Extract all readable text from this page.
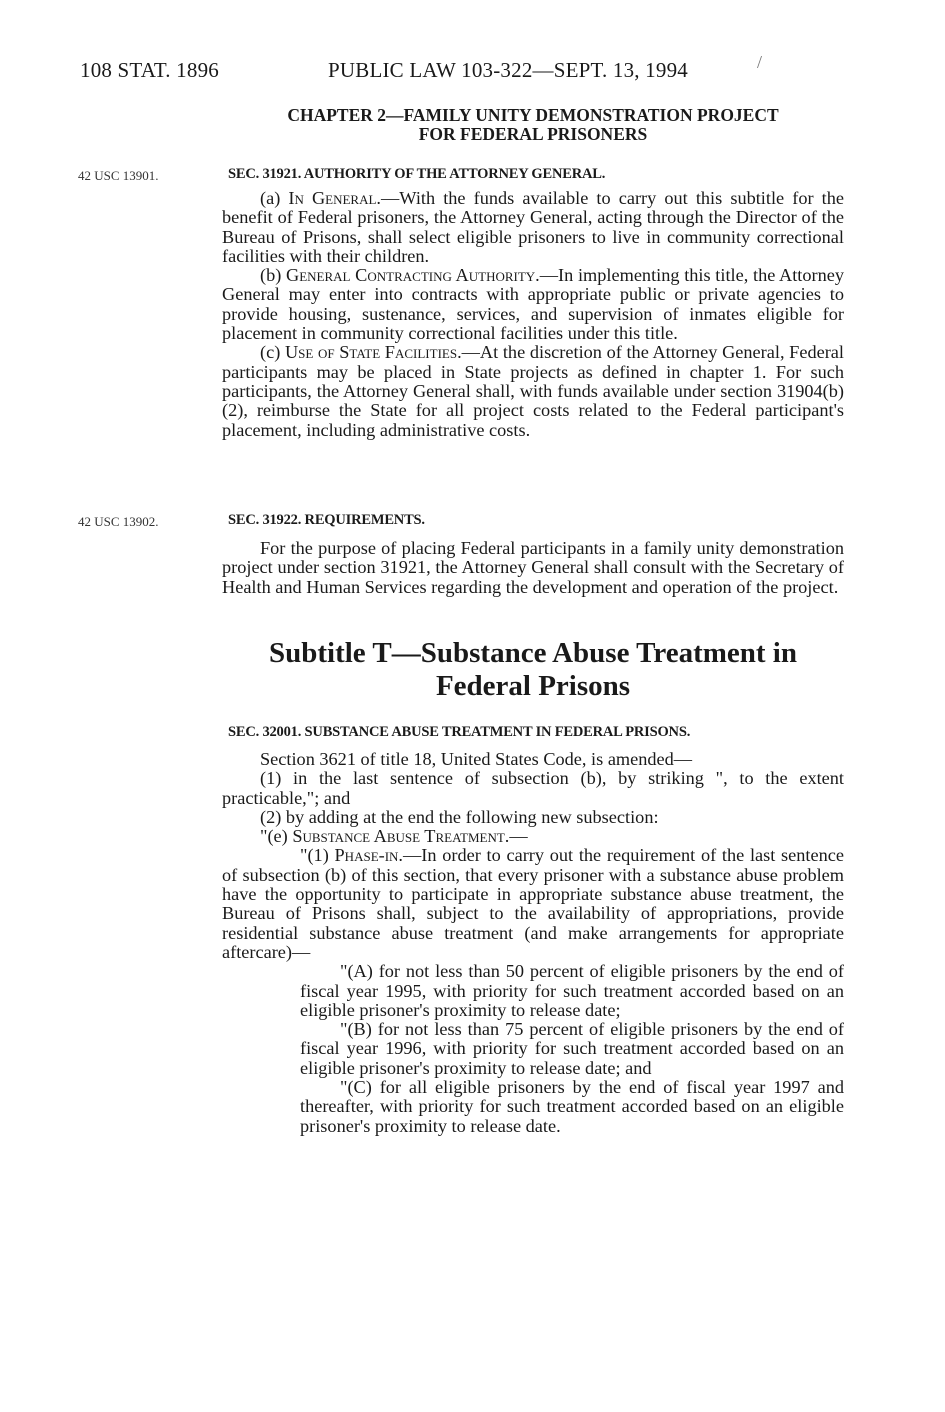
108 STAT. 1896	PUBLIC LAW 103-322—SEPT. 13, 1994	/
CHAPTER 2—FAMILY UNITY DEMONSTRATION PROJECT
FOR FEDERAL PRISONERS
42 USC 13901.	SEC. 31921. AUTHORITY OF THE ATTORNEY GENERAL.

(a) In General.—With the funds available to carry out this subtitle for the benefit of Federal prisoners, the Attorney General, acting through the Director of the Bureau of Prisons, shall select eligible prisoners to live in community correctional facilities with their children.

(b) General Contracting Authority.—In implementing this title, the Attorney General may enter into contracts with appropriate public or private agencies to provide housing, sustenance, services, and supervision of inmates eligible for placement in community correctional facilities under this title.

(c) Use of State Facilities.—At the discretion of the Attorney General, Federal participants may be placed in State projects as defined in chapter 1. For such participants, the Attorney General shall, with funds available under section 31904(b)(2), reimburse the State for all project costs related to the Federal participant's placement, including administrative costs.

42 USC 13902.	SEC. 31922. REQUIREMENTS.

For the purpose of placing Federal participants in a family unity demonstration project under section 31921, the Attorney General shall consult with the Secretary of Health and Human Services regarding the development and operation of the project.

Subtitle T—Substance Abuse Treatment in
Federal Prisons
SEC. 32001. SUBSTANCE ABUSE TREATMENT IN FEDERAL PRISONS.

Section 3621 of title 18, United States Code, is amended—

(1) in the last sentence of subsection (b), by striking ", to the extent practicable,"; and

(2) by adding at the end the following new subsection:

"(e) Substance Abuse Treatment.—

"(1) Phase-in.—In order to carry out the requirement of the last sentence of subsection (b) of this section, that every prisoner with a substance abuse problem have the opportunity to participate in appropriate substance abuse treatment, the Bureau of Prisons shall, subject to the availability of appropriations, provide residential substance abuse treatment (and make arrangements for appropriate aftercare)—

"(A) for not less than 50 percent of eligible prisoners by the end of fiscal year 1995, with priority for such treatment accorded based on an eligible prisoner's proximity to release date;

"(B) for not less than 75 percent of eligible prisoners by the end of fiscal year 1996, with priority for such treatment accorded based on an eligible prisoner's proximity to release date; and

"(C) for all eligible prisoners by the end of fiscal year 1997 and thereafter, with priority for such treatment accorded based on an eligible prisoner's proximity to release date.
